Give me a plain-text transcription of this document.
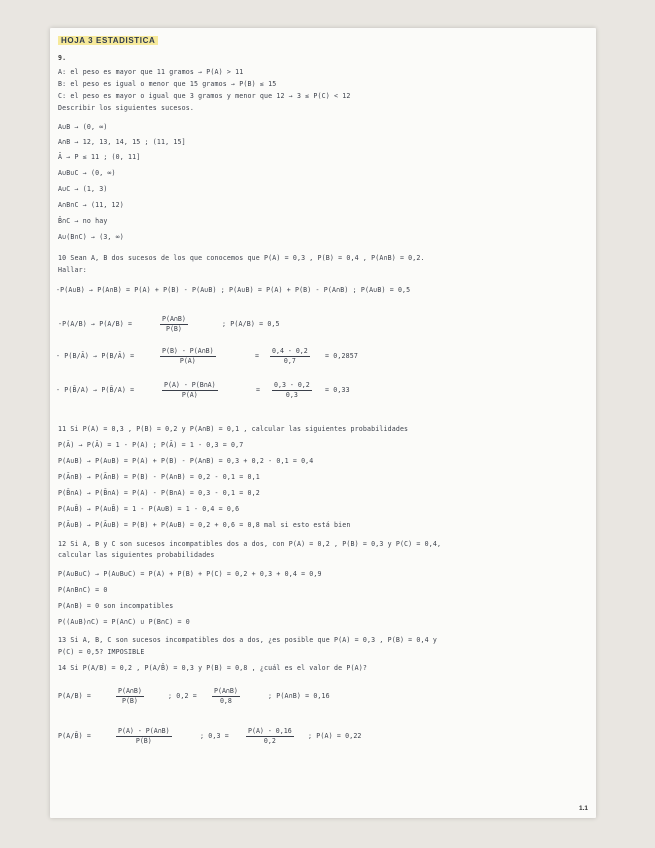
HOJA 3 ESTADISTICA
9.
A: el peso es mayor que 11 gramos → P(A) > 11
B: el peso es igual o menor que 15 gramos → P(B) ≤ 15
C: el peso es mayor o igual que 3 gramos y menor que 12 → 3 ≤ P(C) < 12
Describir los siguientes sucesos.
A∪B → (0, ∞)
A∩B → 12, 13, 14, 15 ; (11, 15]
Ā → P ≤ 11 ; (0, 11]
A∪B∪C → (0, ∞)
A∪C → (1, 3)
A∩B∩C → (11, 12)
B̄∩C → no hay
A∪(B∩C) → (3, ∞)
10 Sean A, B dos sucesos de los que conocemos que P(A) = 0,3 , P(B) = 0,4 , P(A∩B) = 0,2.
Hallar:
-P(A∪B) → P(A∩B) = P(A) + P(B) - P(A∪B) ; P(A∪B) = P(A) + P(B) - P(A∩B) ; P(A∪B) = 0,5
-P(A/B) → P(A/B) =	$\frac{P(A\cap B)}{P(B)}$	; P(A/B) = 0,5
- P(B/Ā) → P(B/Ā) =	$\frac{P(B) - P(A\cap B)}{P(Ā)}$	= $\frac{0,4 - 0,2}{0,7} = 0,2857$
- P(B̄/A) → P(B̄/A) =	$\frac{P(A) - P(B\cap A)}{P(A)}$	= $\frac{0,3 - 0,2}{0,3} = 0,33$
11 Si P(A) = 0,3 , P(B) = 0,2 y P(A∩B) = 0,1 , calcular las siguientes probabilidades
P(Ā) → P(Ā) = 1 - P(A) ; P(Ā) = 1 - 0,3 = 0,7
P(A∪B) → P(A∪B) = P(A) + P(B) - P(A∩B) = 0,3 + 0,2 - 0,1 = 0,4
P(Ā∩B) → P(Ā∩B) = P(B) - P(A∩B) = 0,2 - 0,1 = 0,1
P(B̄∩A) → P(B̄∩A) = P(A) - P(B∩A) = 0,3 - 0,1 = 0,2
P(A∪B̄) → P(A∪B̄) = 1 - P(A∪B) = 1 - 0,4 = 0,6
P(Ā∪B) → P(Ā∪B) = P(B) + P(A∪B) = 0,2 + 0,6 = 0,8 mal si esto está bien
12 Si A, B y C son sucesos incompatibles dos a dos, con P(A) = 0,2 , P(B) = 0,3 y P(C) = 0,4,
calcular las siguientes probabilidades
P(A∪B∪C) → P(A∪B∪C) = P(A) + P(B) + P(C) = 0,2 + 0,3 + 0,4 = 0,9
P(A∩B∩C) = 0
P(A∩B) = 0 son incompatibles
P((A∪B)∩C) = P(A∩C) ∪ P(B∩C) = 0
13 Si A, B, C son sucesos incompatibles dos a dos, ¿es posible que P(A) = 0,3 , P(B) = 0,4 y
P(C) = 0,5? IMPOSIBLE
14 Si P(A/B) = 0,2 , P(A/B̄) = 0,3 y P(B) = 0,8 , ¿cuál es el valor de P(A)?
P(A/B) =	$\frac{P(A\cap B)}{P(B)}$	; $0,2 = \frac{P(A\cap B)}{0,8}$	; P(A∩B) = 0,16
P(A/B̄) =	$\frac{P(A) - P(A\cap B)}{P(B̄)}$	; 0,3 =	$\frac{P(A) - 0,16}{0,2}$ ; P(A) = 0,22
1.1
